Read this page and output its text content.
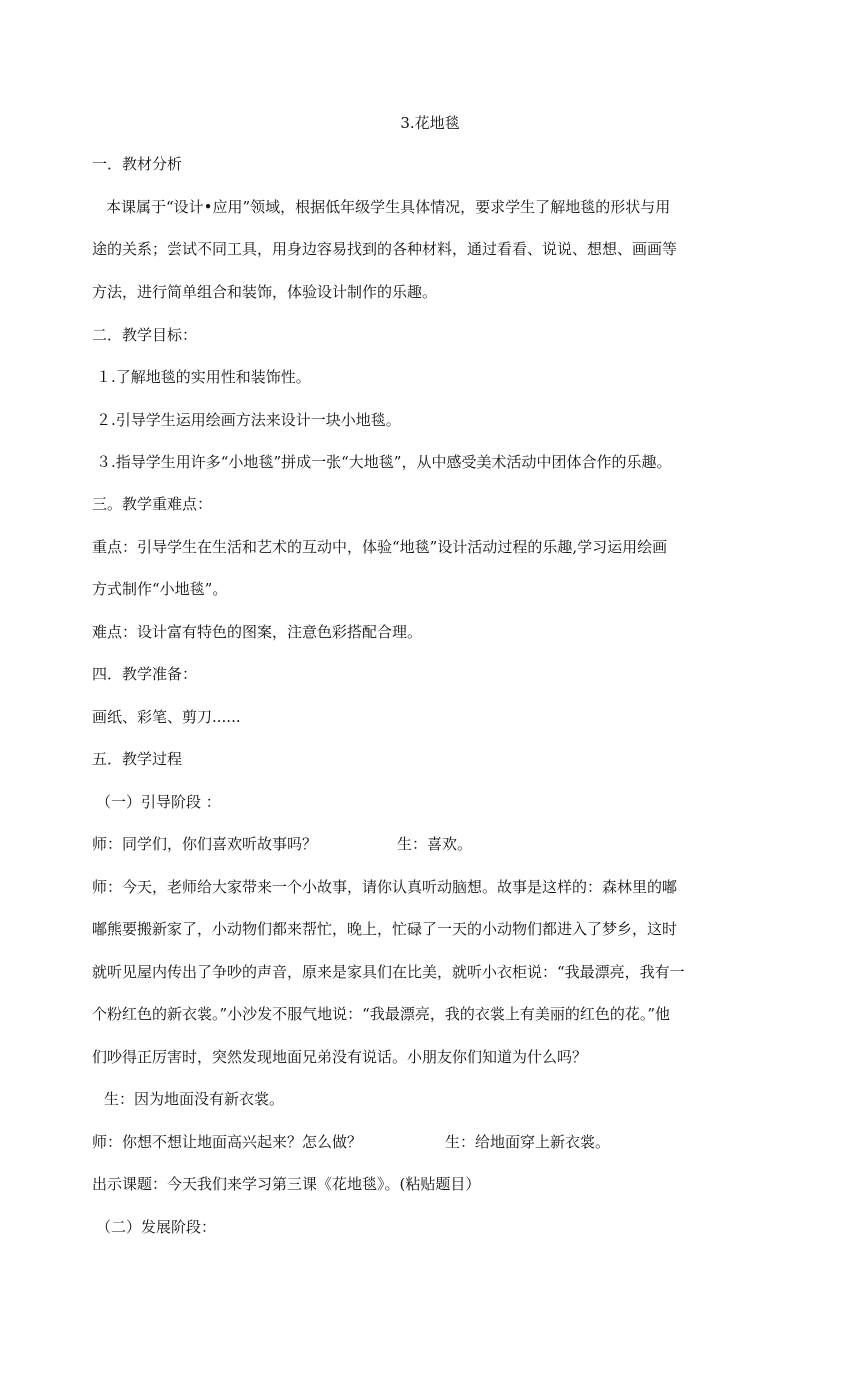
3.花地毯
一．教材分析
本课属于“设计•应用”领域，根据低年级学生具体情况，要求学生了解地毯的形状与用
途的关系；尝试不同工具，用身边容易找到的各种材料，通过看看、说说、想想、画画等
方法，进行简单组合和装饰，体验设计制作的乐趣。
二．教学目标：
１.了解地毯的实用性和装饰性。
２.引导学生运用绘画方法来设计一块小地毯。
３.指导学生用许多“小地毯”拼成一张“大地毯”，从中感受美术活动中团体合作的乐趣。
三。教学重难点：
重点：引导学生在生活和艺术的互动中，体验“地毯”设计活动过程的乐趣,学习运用绘画
方式制作“小地毯”。
难点：设计富有特色的图案，注意色彩搭配合理。
四．教学准备：
画纸、彩笔、剪刀......
五．教学过程
（一）引导阶段 ：
师：同学们，你们喜欢听故事吗？	生：喜欢。
师：今天，老师给大家带来一个小故事，请你认真听动脑想。故事是这样的：森林里的嘟
嘟熊要搬新家了，小动物们都来帮忙，晚上，忙碌了一天的小动物们都进入了梦乡，这时
就听见屋内传出了争吵的声音，原来是家具们在比美，就听小衣柜说：“我最漂亮，我有一
个粉红色的新衣裳。”小沙发不服气地说：“我最漂亮，我的衣裳上有美丽的红色的花。”他
们吵得正厉害时，突然发现地面兄弟没有说话。小朋友你们知道为什么吗？
生：因为地面没有新衣裳。
师：你想不想让地面高兴起来？怎么做？	生：给地面穿上新衣裳。
出示课题：今天我们来学习第三课《花地毯》。(粘贴题目）
（二）发展阶段：
